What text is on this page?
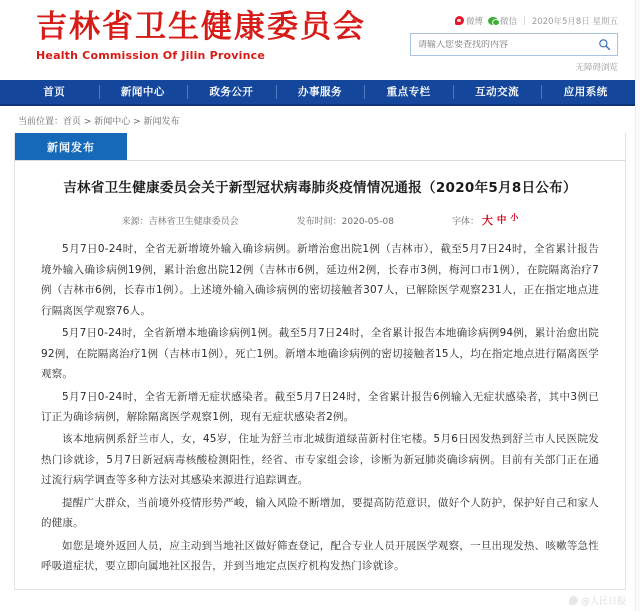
吉林省卫生健康委员会
Health Commission Of Jilin Province
微博 微信 | 2020年5月8日 星期五
请输入您要查找的内容
无障碍浏览
首页	新闻中心	政务公开	办事服务	重点专栏	互动交流	应用系统
当前位置：首页 > 新闻中心 > 新闻发布
新闻发布
吉林省卫生健康委员会关于新型冠状病毒肺炎疫情情况通报（2020年5月8日公布）
来源：吉林省卫生健康委员会	发布时间：2020-05-08	字体： 大 中 小

5月7日0-24时，全省无新增境外输入确诊病例。新增治愈出院1例（吉林市），截至5月7日24时，全省累计报告境外输入确诊病例19例，累计治愈出院12例（吉林市6例，延边州2例，长春市3例，梅河口市1例），在院隔离治疗7例（吉林市6例，长春市1例）。上述境外输入确诊病例的密切接触者307人，已解除医学观察231人，正在指定地点进行隔离医学观察76人。

5月7日0-24时，全省新增本地确诊病例1例。截至5月7日24时，全省累计报告本地确诊病例94例，累计治愈出院92例，在院隔离治疗1例（吉林市1例），死亡1例。新增本地确诊病例的密切接触者15人，均在指定地点进行隔离医学观察。

5月7日0-24时，全省无新增无症状感染者。截至5月7日24时，全省累计报告6例输入无症状感染者，其中3例已订正为确诊病例，解除隔离医学观察1例，现有无症状感染者2例。

该本地病例系舒兰市人，女，45岁，住址为舒兰市北城街道绿苗新村住宅楼。5月6日因发热到舒兰市人民医院发热门诊就诊，5月7日新冠病毒核酸检测阳性，经省、市专家组会诊，诊断为新冠肺炎确诊病例。目前有关部门正在通过流行病学调查等多种方法对其感染来源进行追踪调查。

提醒广大群众，当前境外疫情形势严峻，输入风险不断增加，要提高防范意识，做好个人防护，保护好自己和家人的健康。

如您是境外返回人员，应主动到当地社区做好筛查登记，配合专业人员开展医学观察，一旦出现发热、咳嗽等急性呼吸道症状，要立即向属地社区报告，并到当地定点医疗机构发热门诊就诊。

@人民日报
